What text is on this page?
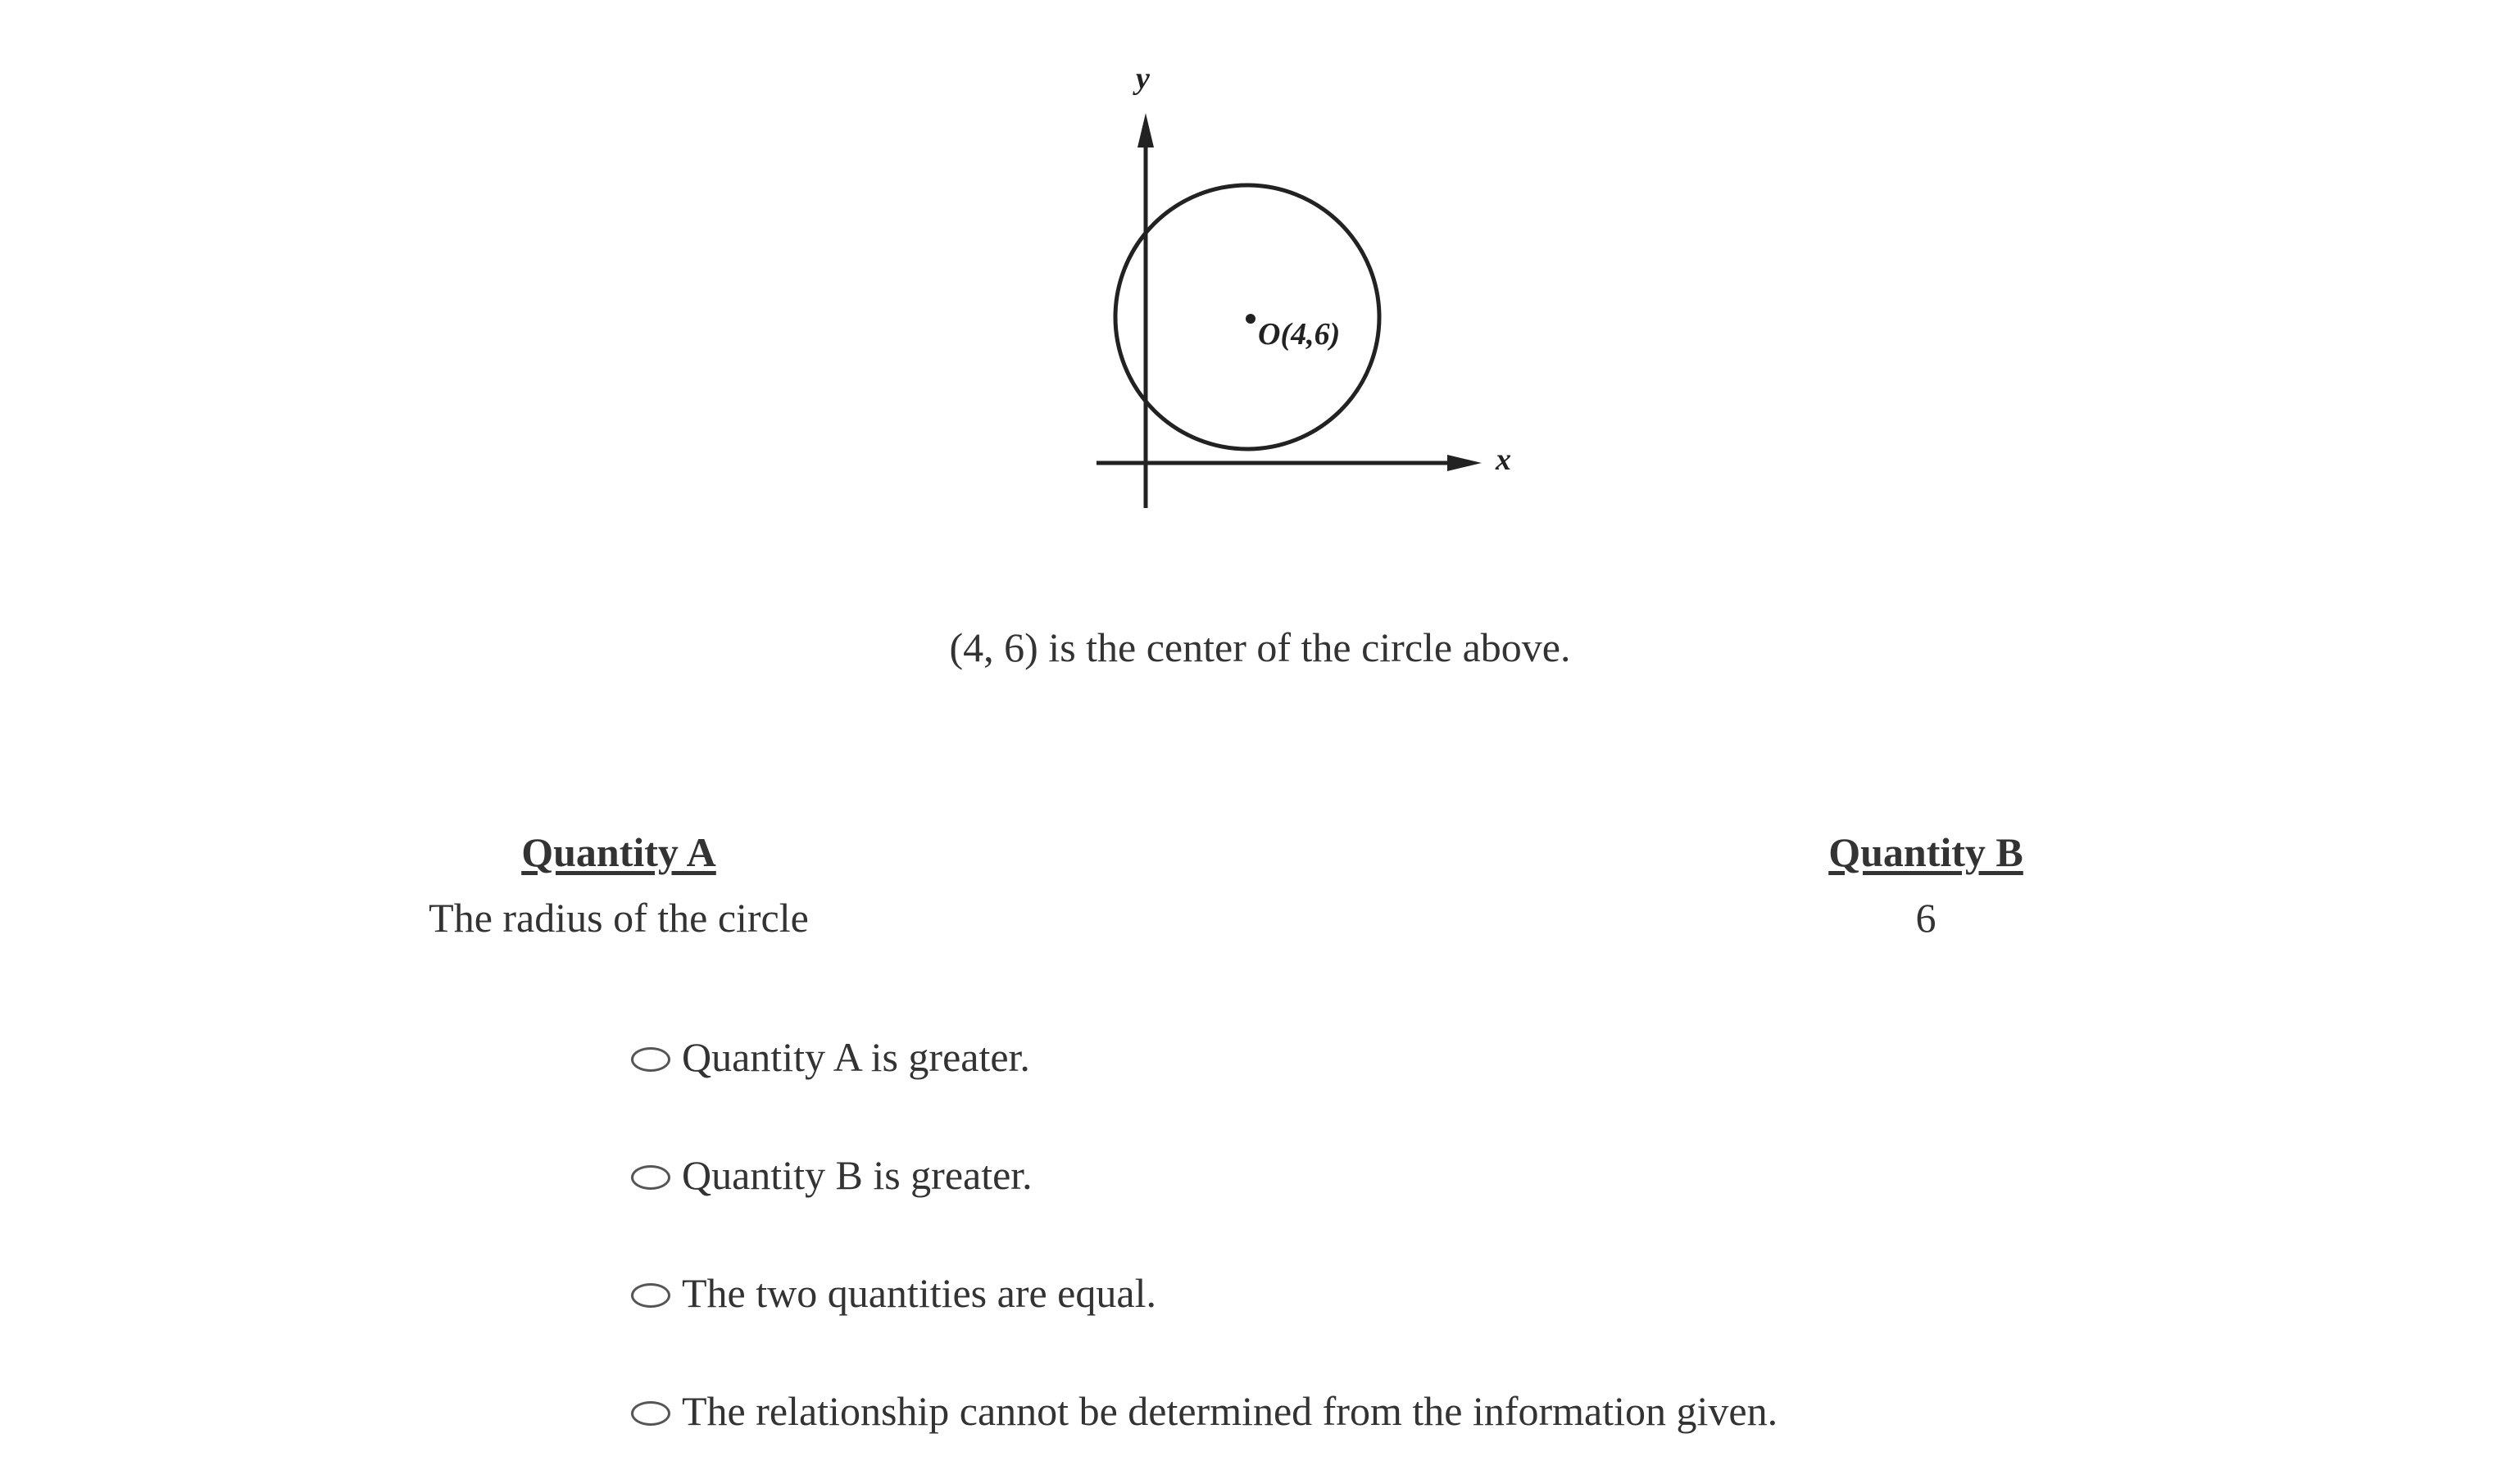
y
x
O(4,6)
(4, 6) is the center of the circle above.
Quantity A
The radius of the circle
Quantity B
6
Quantity A is greater.
Quantity B is greater.
The two quantities are equal.
The relationship cannot be determined from the information given.
